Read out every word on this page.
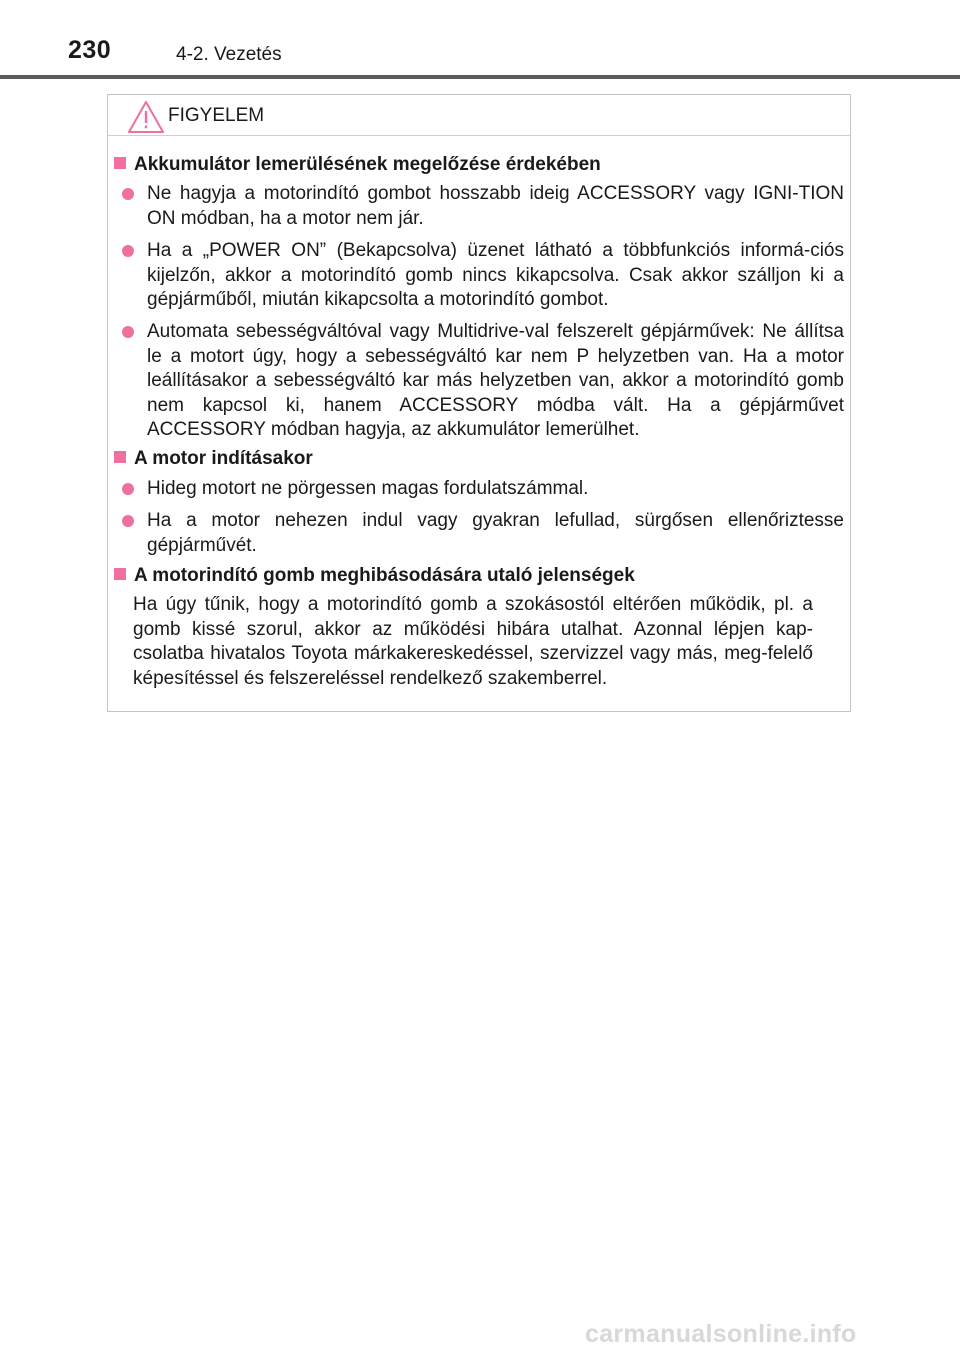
230	4-2. Vezetés
FIGYELEM
Akkumulátor lemerülésének megelőzése érdekében
Ne hagyja a motorindító gombot hosszabb ideig ACCESSORY vagy IGNI-TION ON módban, ha a motor nem jár.
Ha a „POWER ON” (Bekapcsolva) üzenet látható a többfunkciós informá-ciós kijelzőn, akkor a motorindító gomb nincs kikapcsolva. Csak akkor szálljon ki a gépjárműből, miután kikapcsolta a motorindító gombot.
Automata sebességváltóval vagy Multidrive-val felszerelt gépjárművek: Ne állítsa le a motort úgy, hogy a sebességváltó kar nem P helyzetben van. Ha a motor leállításakor a sebességváltó kar más helyzetben van, akkor a motorindító gomb nem kapcsol ki, hanem ACCESSORY módba vált. Ha a gépjárművet ACCESSORY módban hagyja, az akkumulátor lemerülhet.
A motor indításakor
Hideg motort ne pörgessen magas fordulatszámmal.
Ha a motor nehezen indul vagy gyakran lefullad, sürgősen ellenőriztesse gépjárművét.
A motorindító gomb meghibásodására utaló jelenségek
Ha úgy tűnik, hogy a motorindító gomb a szokásostól eltérően működik, pl. a gomb kissé szorul, akkor az működési hibára utalhat. Azonnal lépjen kap-csolatba hivatalos Toyota márkakereskedéssel, szervizzel vagy más, meg-felelő képesítéssel és felszereléssel rendelkező szakemberrel.
carmanualsonline.info
